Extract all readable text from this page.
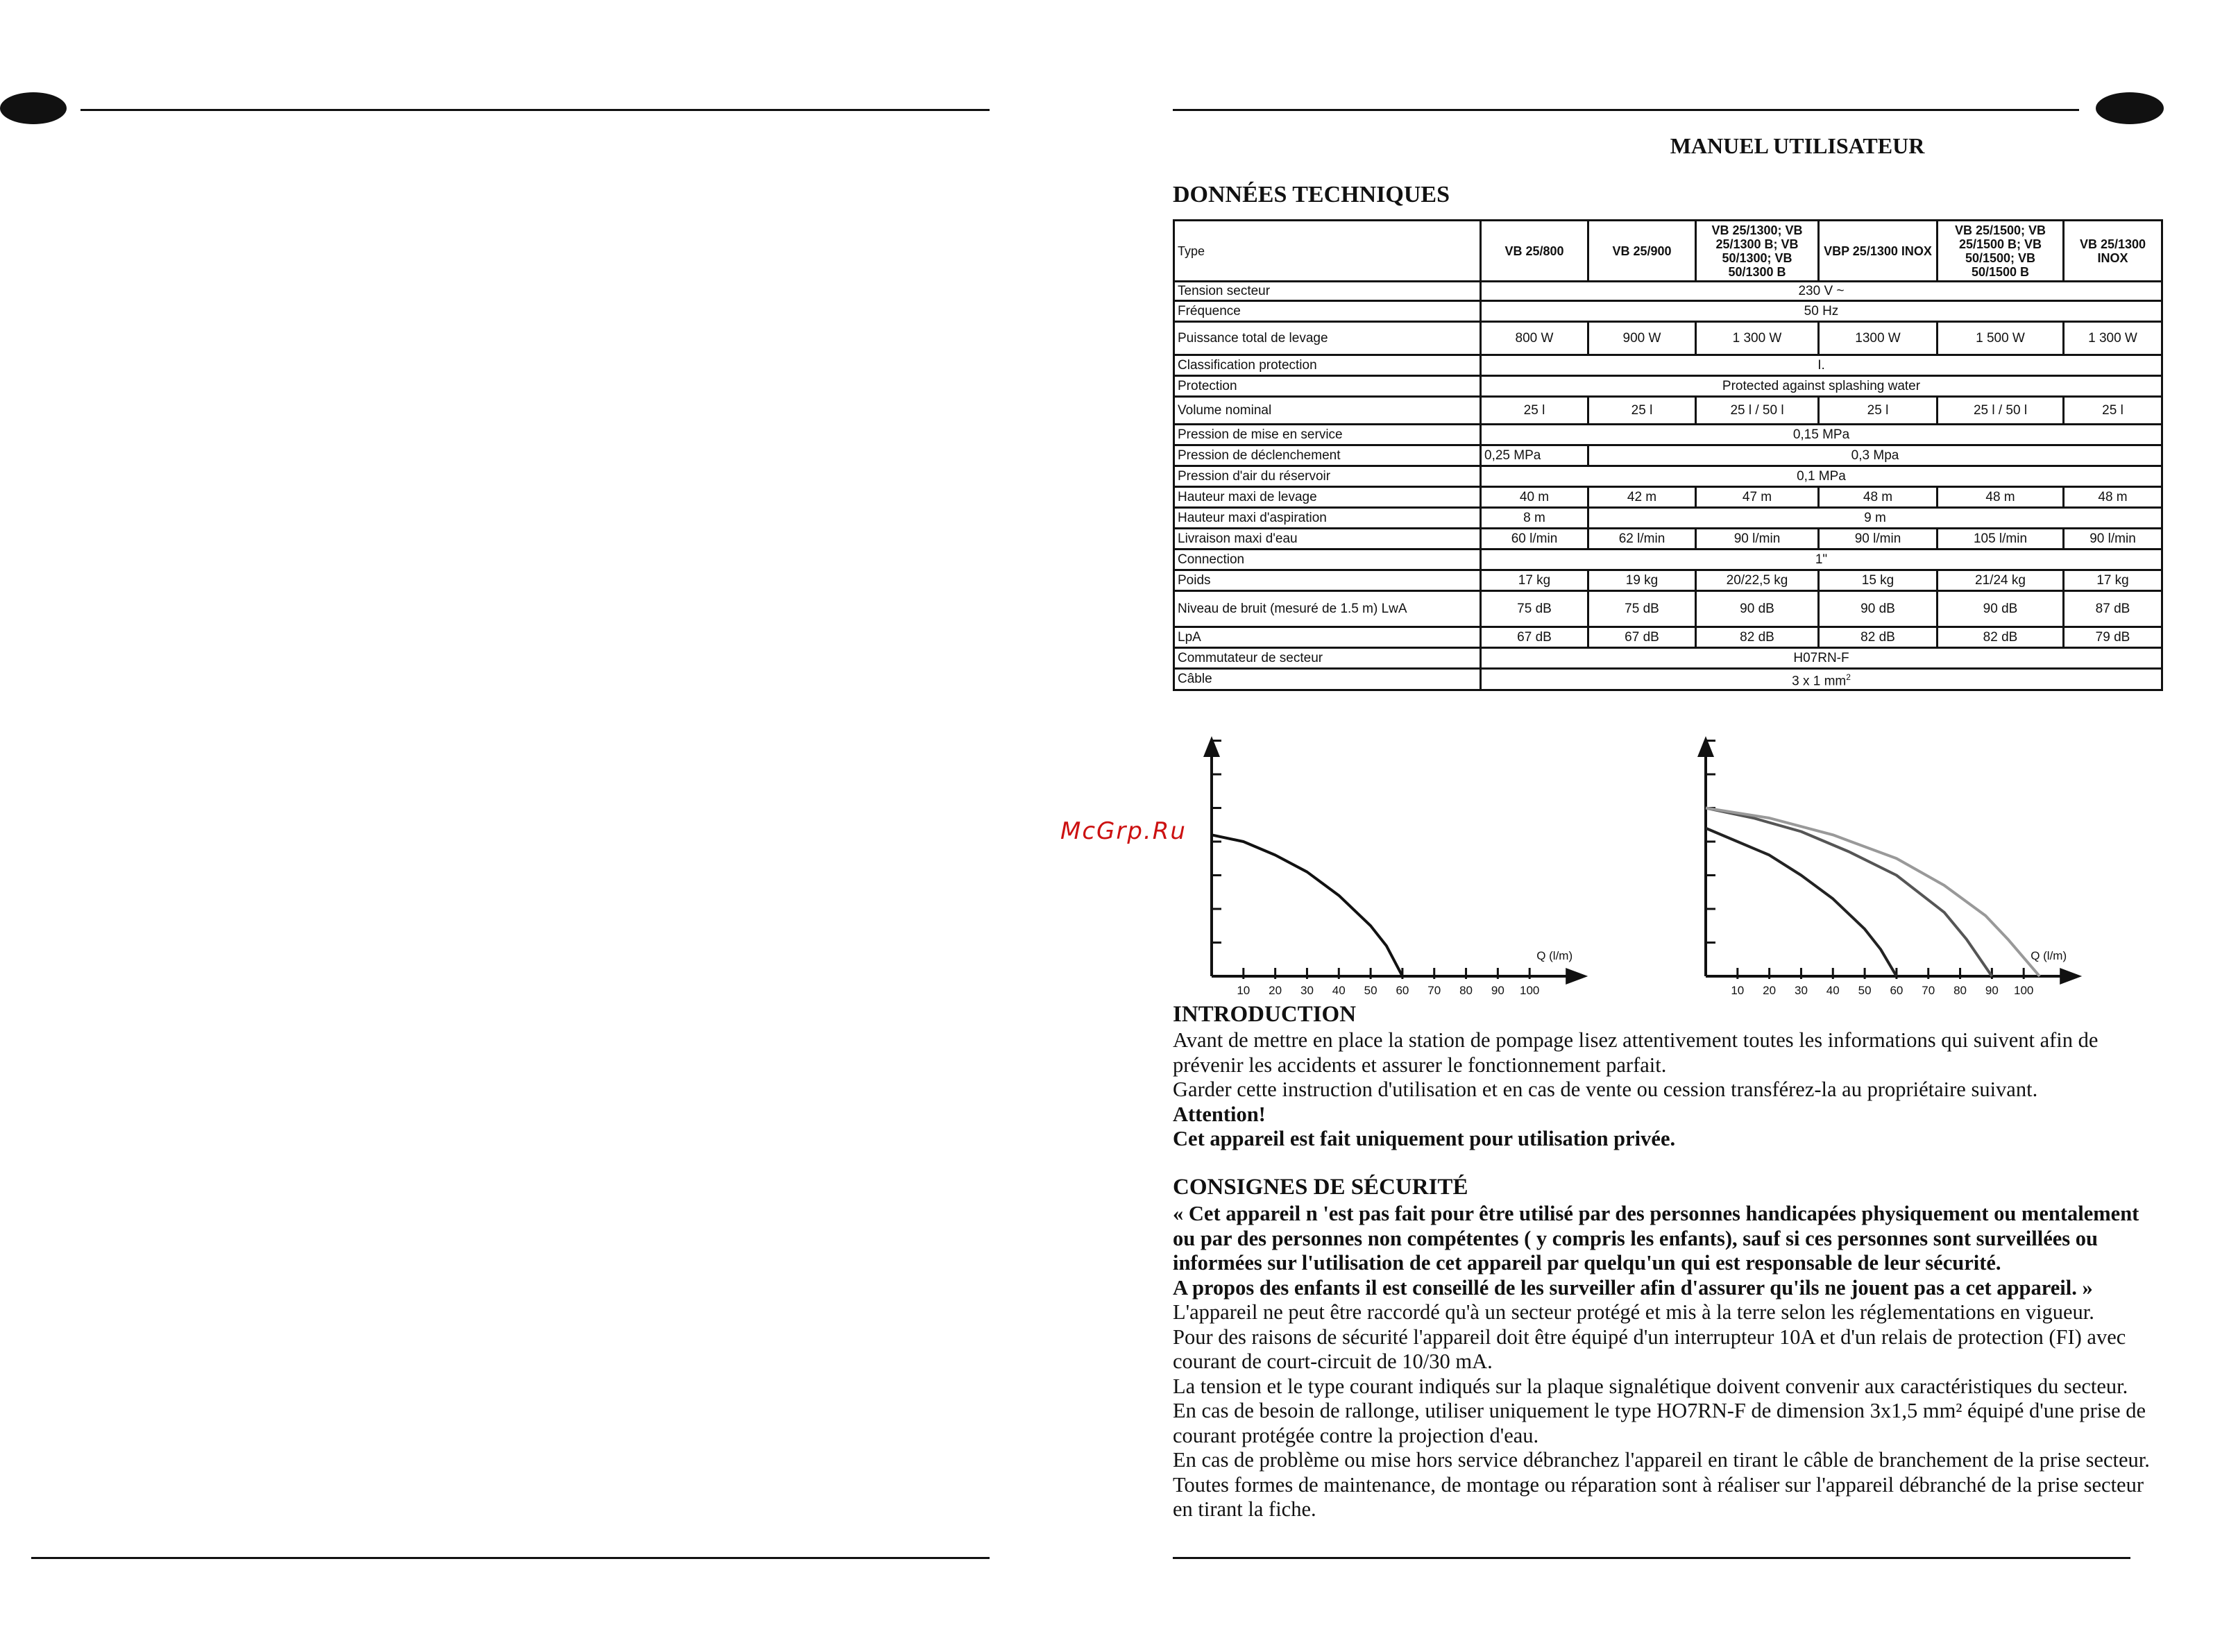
MANUEL UTILISATEUR
DONNÉES TECHNIQUES
Type	VB 25/800	VB 25/900	VB 25/1300; VB 25/1300 B; VB 50/1300; VB 50/1300 B	VBP 25/1300 INOX	VB 25/1500; VB 25/1500 B; VB 50/1500; VB 50/1500 B	VB 25/1300 INOX
Tension secteur	230 V ~					
Fréquence	50 Hz					
Puissance total de levage	800 W	900 W	1 300 W	1300 W	1 500 W	1 300 W
Classification protection	I.					
Protection	Protected against splashing water					
Volume nominal	25 l	25 l	25 l / 50 l	25 l	25 l / 50 l	25 l
Pression de mise en service	0,15 MPa					
Pression de déclenchement	0,25 MPa	0,3 Mpa				
Pression d'air du réservoir	0,1 MPa					
Hauteur maxi de levage	40 m	42 m	47 m	48 m	48 m	48 m
Hauteur maxi d'aspiration	8 m	9 m				
Livraison maxi d'eau	60 l/min	62 l/min	90 l/min	90 l/min	105 l/min	90 l/min
Connection	1"					
Poids	17 kg	19 kg	20/22,5 kg	15 kg	21/24 kg	17 kg
Niveau de bruit (mesuré de 1.5 m) LwA	75 dB	75 dB	90 dB	90 dB	90 dB	87 dB
LpA	67 dB	67 dB	82 dB	82 dB	82 dB	79 dB
Commutateur de secteur	H07RN-F					
Câble	3 x 1 $mm^2$
10 20 30 40 50 60 70 80 90 100
Q (l/m)
10 20 30 40 50 60 70 80 90 100
Q (l/m)
McGrp.Ru
INTRODUCTION

Avant de mettre en place la station de pompage lisez attentivement toutes les informations qui suivent afin de prévenir les accidents et assurer le fonctionnement parfait.

Garder cette instruction d'utilisation et en cas de vente ou cession transférez-la au propriétaire suivant.

Attention!

Cet appareil est fait uniquement pour utilisation privée.

CONSIGNES DE SÉCURITÉ

« Cet appareil n 'est pas fait pour être utilisé par des personnes handicapées physiquement ou mentalement ou par des personnes non compétentes ( y compris les enfants), sauf si ces personnes sont surveillées ou informées sur l'utilisation de cet appareil par quelqu'un qui est responsable de leur sécurité.

A propos des enfants il est conseillé de les surveiller afin d'assurer qu'ils ne jouent pas a cet appareil. »

L'appareil ne peut être raccordé qu'à un secteur protégé et mis à la terre selon les réglementations en vigueur.

Pour des raisons de sécurité l'appareil doit être équipé d'un interrupteur 10A et d'un relais de protection (FI) avec courant de court-circuit de 10/30 mA.

La tension et le type courant indiqués sur la plaque signalétique doivent convenir aux caractéristiques du secteur.

En cas de besoin de rallonge, utiliser uniquement le type HO7RN-F de dimension 3x1,5 mm² équipé d'une prise de courant protégée contre la projection d'eau.

En cas de problème ou mise hors service débranchez l'appareil en tirant le câble de branchement de la prise secteur.

Toutes formes de maintenance, de montage ou réparation sont à réaliser sur l'appareil débranché de la prise secteur en tirant la fiche.
